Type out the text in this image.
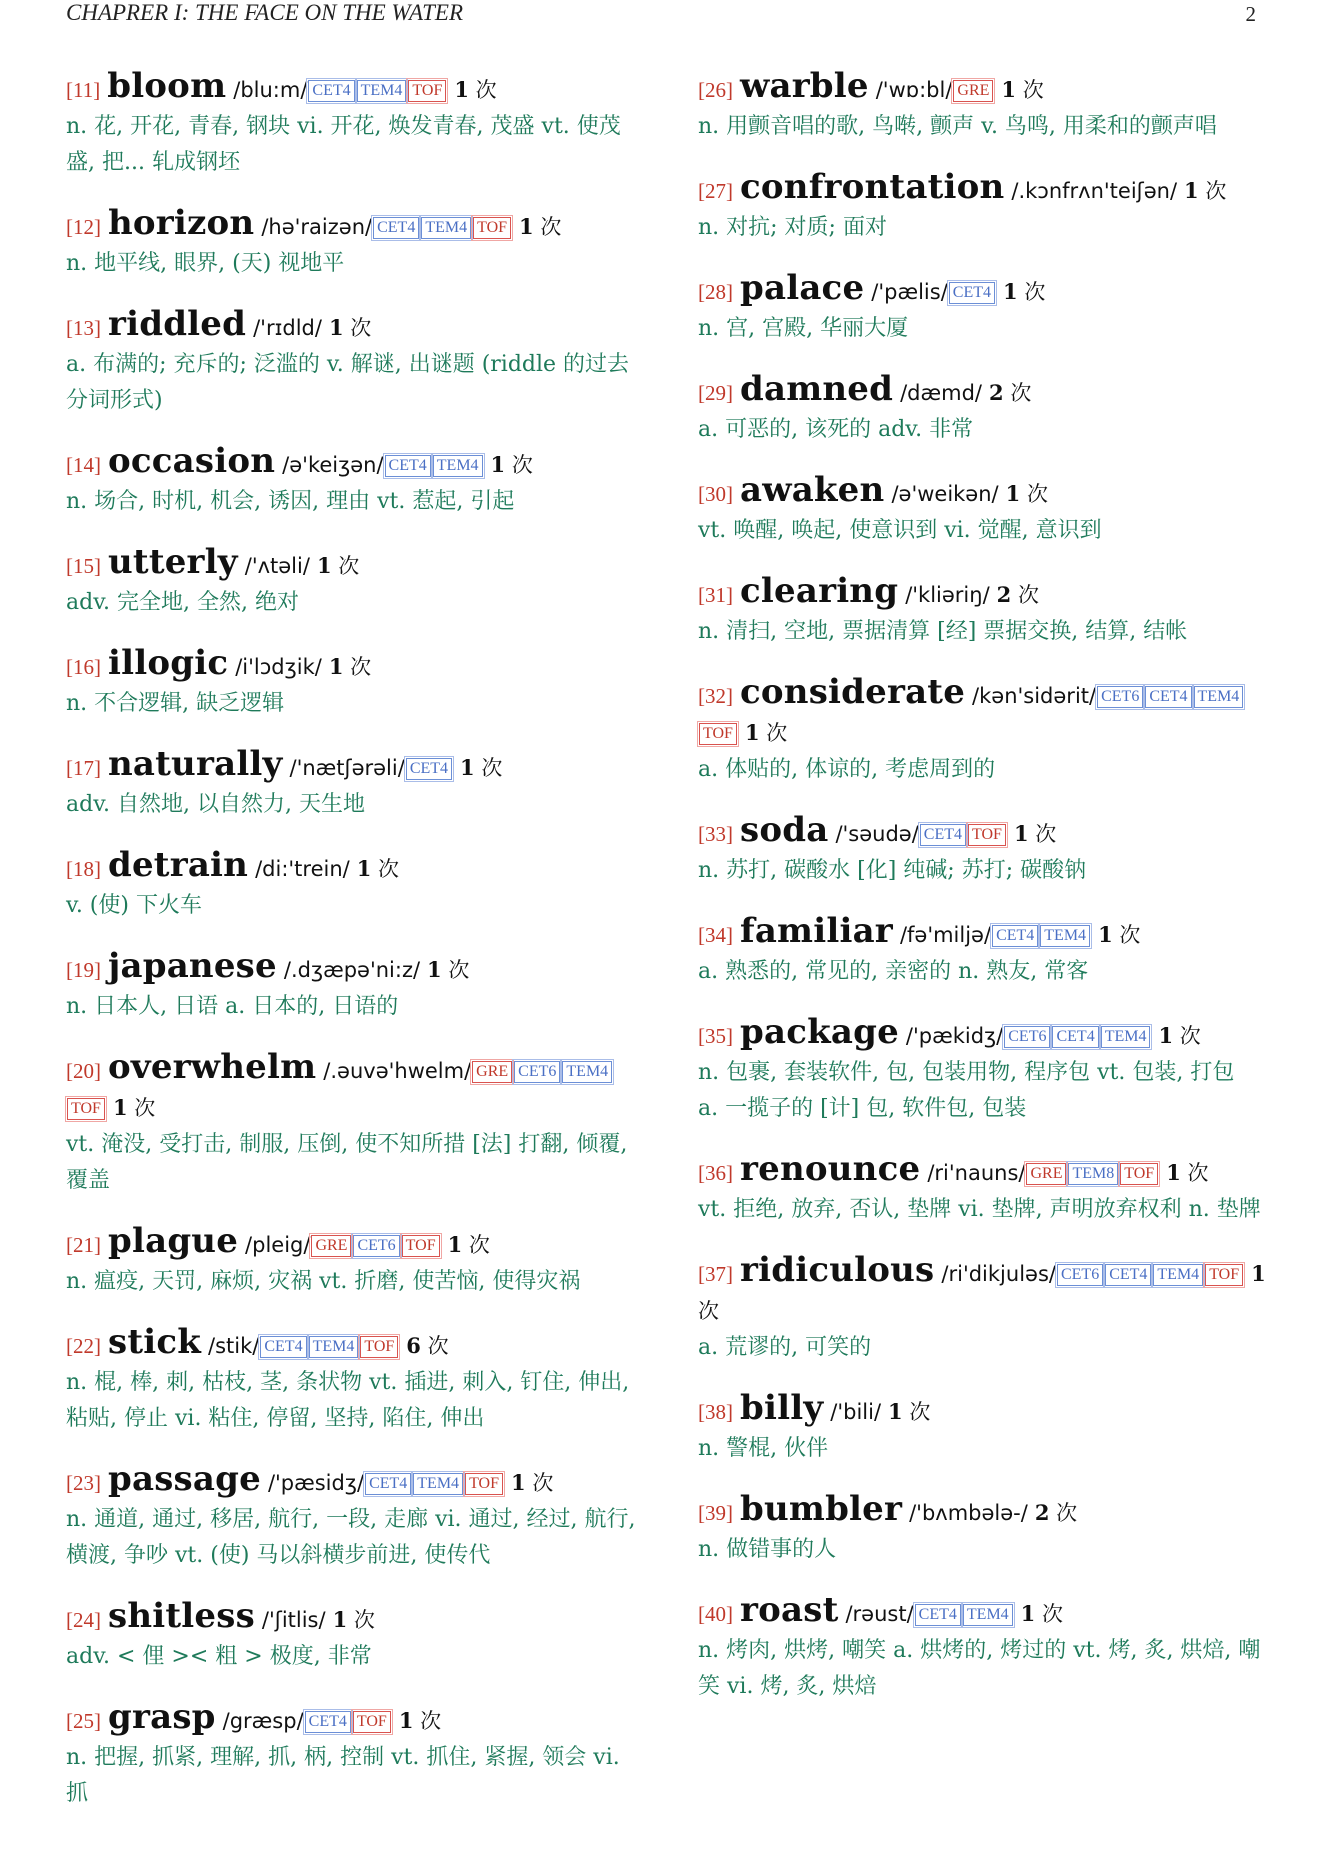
CHAPRER I: THE FACE ON THE WATER	2
[11] bloom /blu:m/ CET4 TEM4 TOF 1 次
n. 花, 开花, 青春, 钢块 vi. 开花, 焕发青春, 茂盛 vt. 使茂盛, 把... 轧成钢坯
[12] horizon /hə'raizən/ CET4 TEM4 TOF 1 次
n. 地平线, 眼界, (天) 视地平
[13] riddled /'rɪdld/ 1 次
a. 布满的; 充斥的; 泛滥的 v. 解谜, 出谜题 (riddle 的过去分词形式)
[14] occasion /ə'keiʒən/ CET4 TEM4 1 次
n. 场合, 时机, 机会, 诱因, 理由 vt. 惹起, 引起
[15] utterly /'ʌtəli/ 1 次
adv. 完全地, 全然, 绝对
[16] illogic /i'lɔdʒik/ 1 次
n. 不合逻辑, 缺乏逻辑
[17] naturally /'nætʃərəli/ CET4 1 次
adv. 自然地, 以自然力, 天生地
[18] detrain /di:'trein/ 1 次
v. (使) 下火车
[19] japanese /.dʒæpə'ni:z/ 1 次
n. 日本人, 日语 a. 日本的, 日语的
[20] overwhelm /.əuvə'hwelm/ GRE CET6 TEM4TOF 1 次
vt. 淹没, 受打击, 制服, 压倒, 使不知所措 [法] 打翻, 倾覆, 覆盖
[21] plague /pleig/ GRE CET6 TOF 1 次
n. 瘟疫, 天罚, 麻烦, 灾祸 vt. 折磨, 使苦恼, 使得灾祸
[22] stick /stik/ CET4 TEM4 TOF 6 次
n. 棍, 棒, 刺, 枯枝, 茎, 条状物 vt. 插进, 刺入, 钉住, 伸出, 粘贴, 停止 vi. 粘住, 停留, 坚持, 陷住, 伸出
[23] passage /'pæsidʒ/ CET4 TEM4 TOF 1 次
n. 通道, 通过, 移居, 航行, 一段, 走廊 vi. 通过, 经过, 航行, 横渡, 争吵 vt. (使) 马以斜横步前进, 使传代
[24] shitless /'ʃitlis/ 1 次
adv. < 俚 >< 粗 > 极度, 非常
[25] grasp /græsp/ CET4 TOF 1 次
n. 把握, 抓紧, 理解, 抓, 柄, 控制 vt. 抓住, 紧握, 领会 vi. 抓
[26] warble /'wɒ:bl/ GRE 1 次
n. 用颤音唱的歌, 鸟啭, 颤声 v. 鸟鸣, 用柔和的颤声唱
[27] confrontation /.kɔnfrʌn'teiʃən/ 1 次
n. 对抗; 对质; 面对
[28] palace /'pælis/ CET4 1 次
n. 宫, 宫殿, 华丽大厦
[29] damned /dæmd/ 2 次
a. 可恶的, 该死的 adv. 非常
[30] awaken /ə'weikən/ 1 次
vt. 唤醒, 唤起, 使意识到 vi. 觉醒, 意识到
[31] clearing /'kliəriŋ/ 2 次
n. 清扫, 空地, 票据清算 [经] 票据交换, 结算, 结帐
[32] considerate /kən'sidərit/ CET6 CET4 TEM4TOF 1 次
a. 体贴的, 体谅的, 考虑周到的
[33] soda /'səudə/ CET4 TOF 1 次
n. 苏打, 碳酸水 [化] 纯碱; 苏打; 碳酸钠
[34] familiar /fə'miljə/ CET4 TEM4 1 次
a. 熟悉的, 常见的, 亲密的 n. 熟友, 常客
[35] package /'pækidʒ/ CET6 CET4 TEM4 1 次
n. 包裹, 套装软件, 包, 包装用物, 程序包 vt. 包装, 打包
a. 一揽子的 [计] 包, 软件包, 包装
[36] renounce /ri'nauns/ GRE TEM8 TOF 1 次
vt. 拒绝, 放弃, 否认, 垫牌 vi. 垫牌, 声明放弃权利 n. 垫牌
[37] ridiculous /ri'dikjuləs/ CET6 CET4 TEM4 TOF 1 次
a. 荒谬的, 可笑的
[38] billy /'bili/ 1 次
n. 警棍, 伙伴
[39] bumbler /'bʌmbələ-/ 2 次
n. 做错事的人
[40] roast /rəust/ CET4 TEM4 1 次
n. 烤肉, 烘烤, 嘲笑 a. 烘烤的, 烤过的 vt. 烤, 炙, 烘焙, 嘲笑 vi. 烤, 炙, 烘焙
